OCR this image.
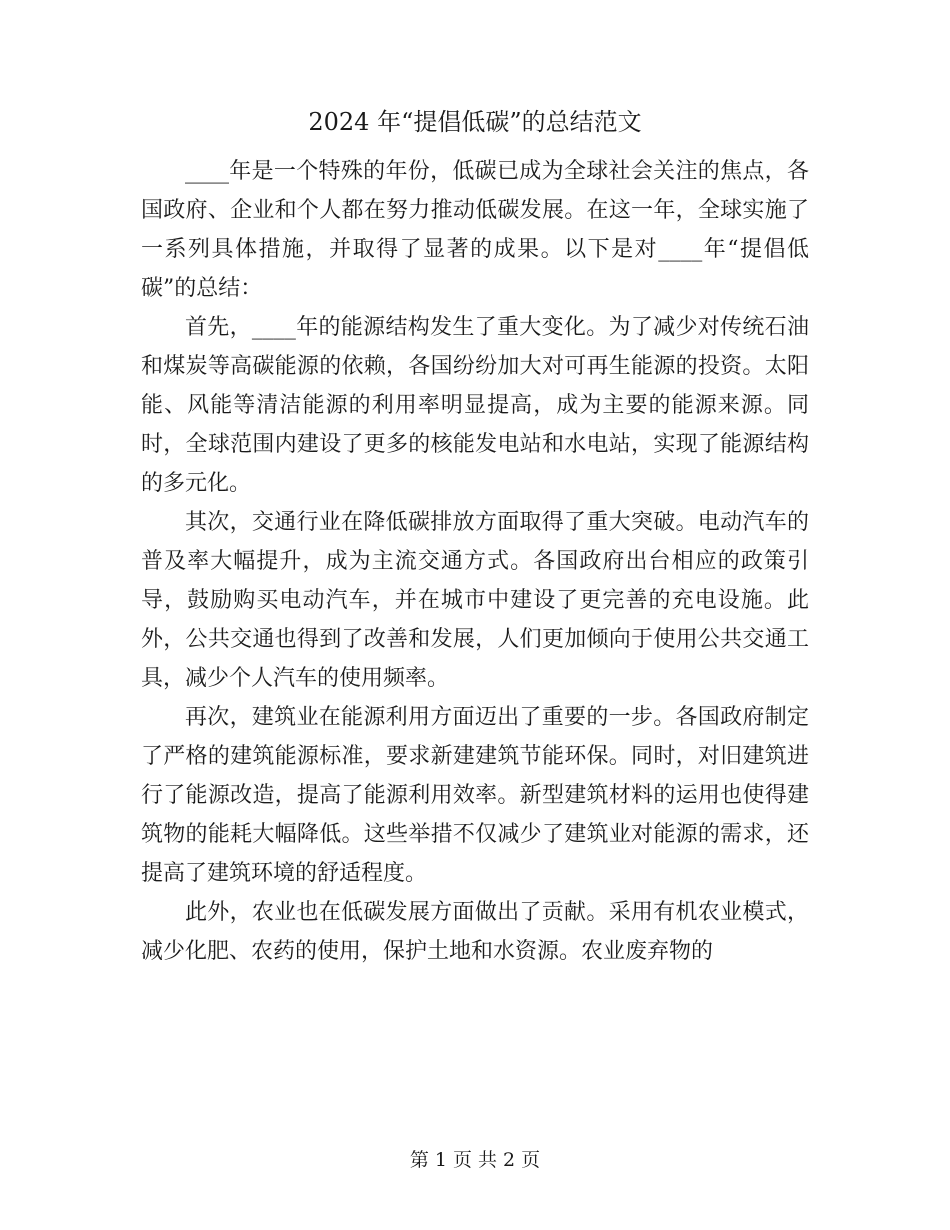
2024 年“提倡低碳”的总结范文

____年是一个特殊的年份，低碳已成为全球社会关注的焦点，各国政府、企业和个人都在努力推动低碳发展。在这一年，全球实施了一系列具体措施，并取得了显著的成果。以下是对____年“提倡低碳”的总结：

首先，____年的能源结构发生了重大变化。为了减少对传统石油和煤炭等高碳能源的依赖，各国纷纷加大对可再生能源的投资。太阳能、风能等清洁能源的利用率明显提高，成为主要的能源来源。同时，全球范围内建设了更多的核能发电站和水电站，实现了能源结构的多元化。

其次，交通行业在降低碳排放方面取得了重大突破。电动汽车的普及率大幅提升，成为主流交通方式。各国政府出台相应的政策引导，鼓励购买电动汽车，并在城市中建设了更完善的充电设施。此外，公共交通也得到了改善和发展，人们更加倾向于使用公共交通工具，减少个人汽车的使用频率。

再次，建筑业在能源利用方面迈出了重要的一步。各国政府制定了严格的建筑能源标准，要求新建建筑节能环保。同时，对旧建筑进行了能源改造，提高了能源利用效率。新型建筑材料的运用也使得建筑物的能耗大幅降低。这些举措不仅减少了建筑业对能源的需求，还提高了建筑环境的舒适程度。

此外，农业也在低碳发展方面做出了贡献。采用有机农业模式，减少化肥、农药的使用，保护土地和水资源。农业废弃物的

第 1 页 共 2 页
